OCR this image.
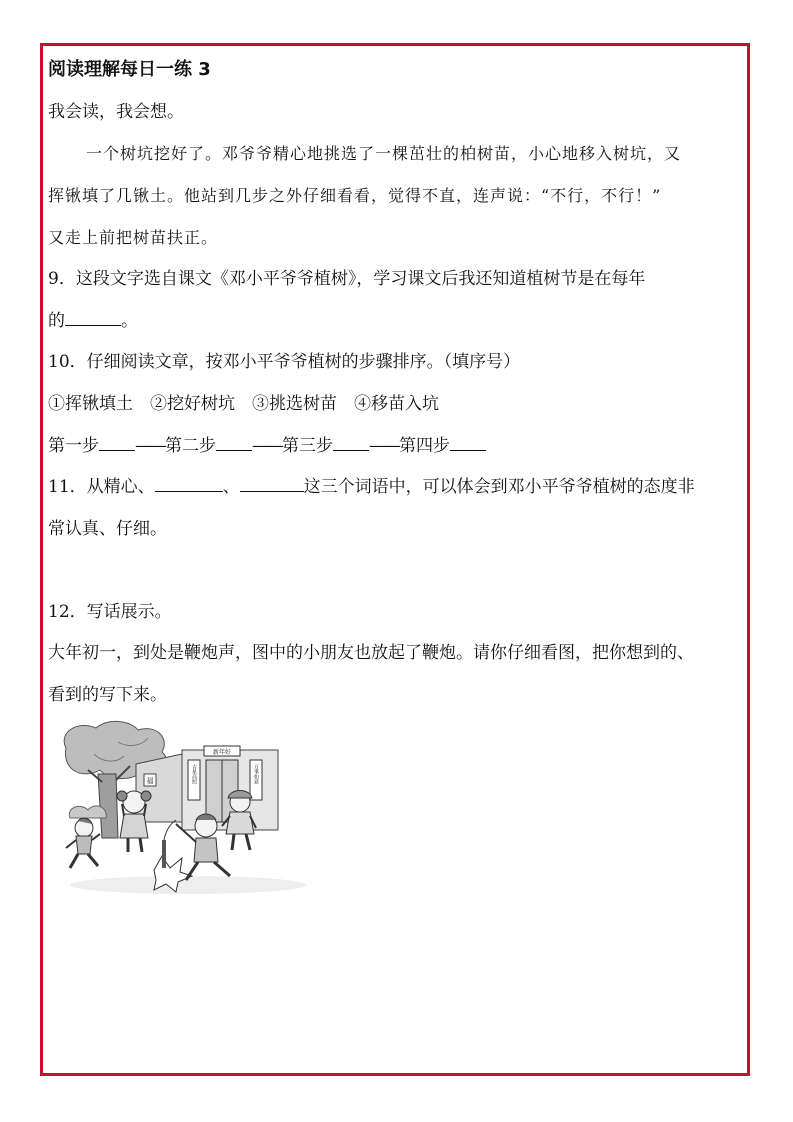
阅读理解每日一练 3
我会读，我会想。
一个树坑挖好了。邓爷爷精心地挑选了一棵茁壮的柏树苗，小心地移入树坑，又
挥锹填了几锹土。他站到几步之外仔细看看，觉得不直，连声说：“不行，不行！”
又走上前把树苗扶正。
9．这段文字选自课文《邓小平爷爷植树》，学习课文后我还知道植树节是在每年
的	。
10．仔细阅读文章，按邓小平爷爷植树的步骤排序。（填序号）
①挥锹填土　②挖好树坑　③挑选树苗　④移苗入坑
第一步 ——第二步 ——第三步 ——第四步
11．从精心、	、	这三个词语中，可以体会到邓小平爷爷植树的态度非
常认真、仔细。
12．写话展示。
大年初一，到处是鞭炮声，图中的小朋友也放起了鞭炮。请你仔细看图，把你想到的、
看到的写下来。
福
新年好
吉星高照	万事如意
